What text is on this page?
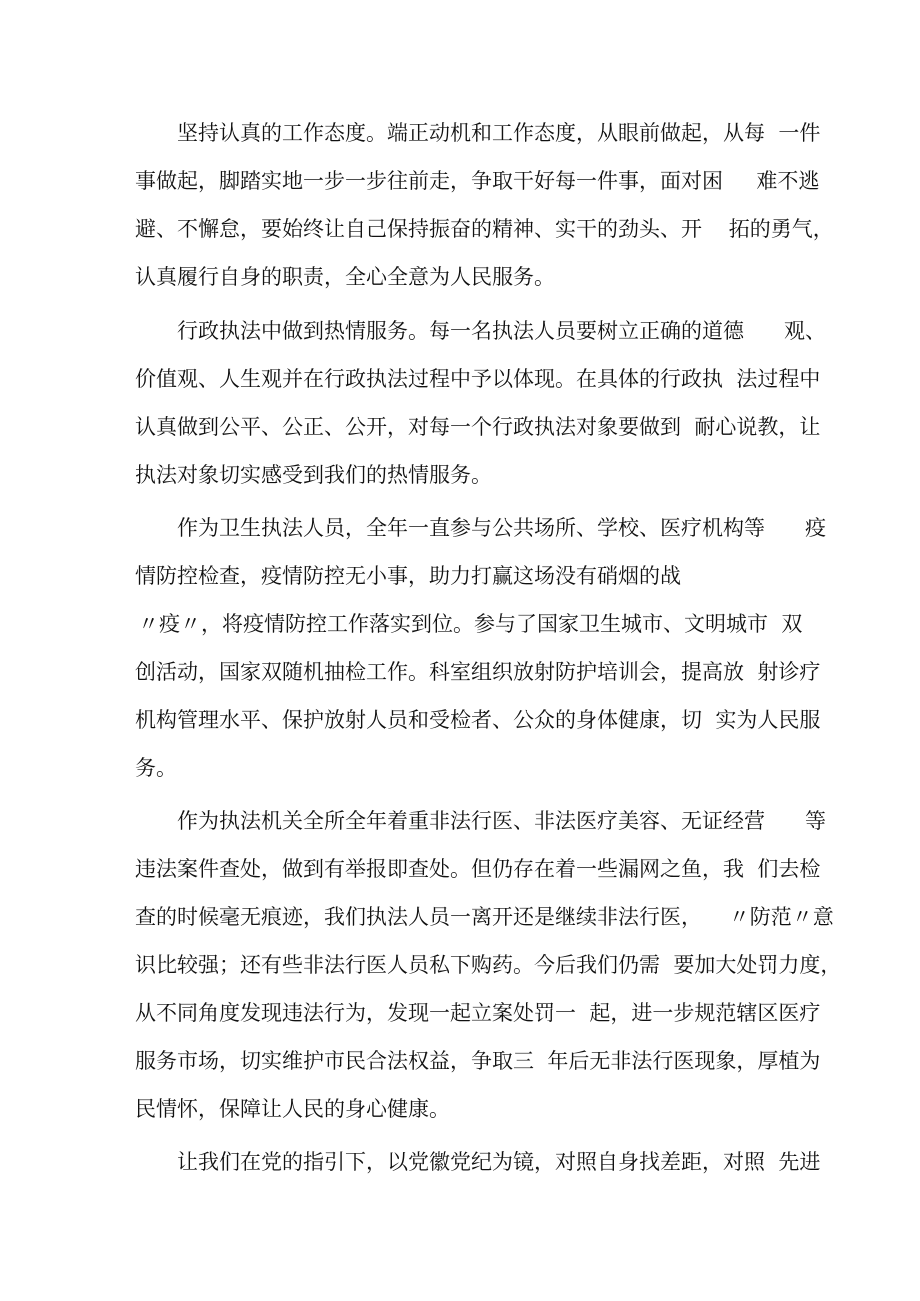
坚持认真的工作态度。端正动机和工作态度，从眼前做起，从每  一件
事做起，脚踏实地一步一步往前走，争取干好每一件事，面对困     难不逃
避、不懈怠，要始终让自己保持振奋的精神、实干的劲头、开    拓的勇气，
认真履行自身的职责，全心全意为人民服务。
行政执法中做到热情服务。每一名执法人员要树立正确的道德      观、
价值观、人生观并在行政执法过程中予以体现。在具体的行政执  法过程中
认真做到公平、公正、公开，对每一个行政执法对象要做到  耐心说教，让
执法对象切实感受到我们的热情服务。
作为卫生执法人员，全年一直参与公共场所、学校、医疗机构等      疫
情防控检查，疫情防控无小事，助力打赢这场没有硝烟的战
〃疫〃，将疫情防控工作落实到位。参与了国家卫生城市、文明城市  双
创活动，国家双随机抽检工作。科室组织放射防护培训会，提高放  射诊疗
机构管理水平、保护放射人员和受检者、公众的身体健康，切  实为人民服
务。
作为执法机关全所全年着重非法行医、非法医疗美容、无证经营      等
违法案件查处，做到有举报即查处。但仍存在着一些漏网之鱼，我  们去检
查的时候毫无痕迹，我们执法人员一离开还是继续非法行医，    〃防范〃意
识比较强；还有些非法行医人员私下购药。今后我们仍需  要加大处罚力度，
从不同角度发现违法行为，发现一起立案处罚一  起，进一步规范辖区医疗
服务市场，切实维护市民合法权益，争取三  年后无非法行医现象，厚植为
民情怀，保障让人民的身心健康。
让我们在党的指引下，以党徽党纪为镜，对照自身找差距，对照  先进
